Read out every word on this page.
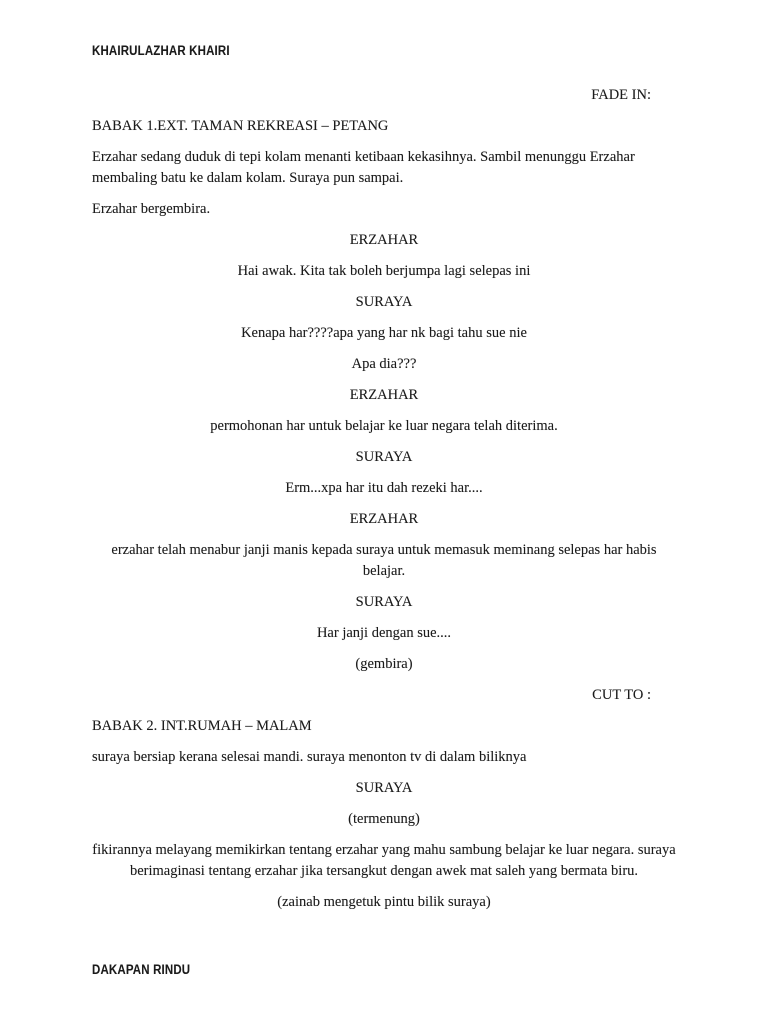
KHAIRULAZHAR KHAIRI
FADE IN:
BABAK 1.EXT. TAMAN REKREASI – PETANG
Erzahar sedang duduk di tepi kolam menanti ketibaan kekasihnya. Sambil menunggu Erzahar membaling batu ke dalam kolam. Suraya pun sampai.
Erzahar bergembira.
ERZAHAR
Hai awak. Kita tak boleh berjumpa lagi selepas ini
SURAYA
Kenapa har????apa yang har nk bagi tahu sue nie
Apa dia???
ERZAHAR
permohonan har untuk belajar ke luar negara telah diterima.
SURAYA
Erm...xpa har itu dah rezeki har....
ERZAHAR
erzahar telah menabur janji manis kepada suraya untuk memasuk meminang selepas har habis belajar.
SURAYA
Har janji dengan sue....
(gembira)
CUT TO :
BABAK 2. INT.RUMAH – MALAM
suraya bersiap kerana selesai mandi. suraya menonton tv di dalam biliknya
SURAYA
(termenung)
fikirannya melayang memikirkan tentang erzahar yang mahu sambung belajar ke luar negara. suraya berimaginasi tentang erzahar jika tersangkut dengan awek mat saleh yang bermata biru.
(zainab mengetuk pintu bilik suraya)
DAKAPAN RINDU
